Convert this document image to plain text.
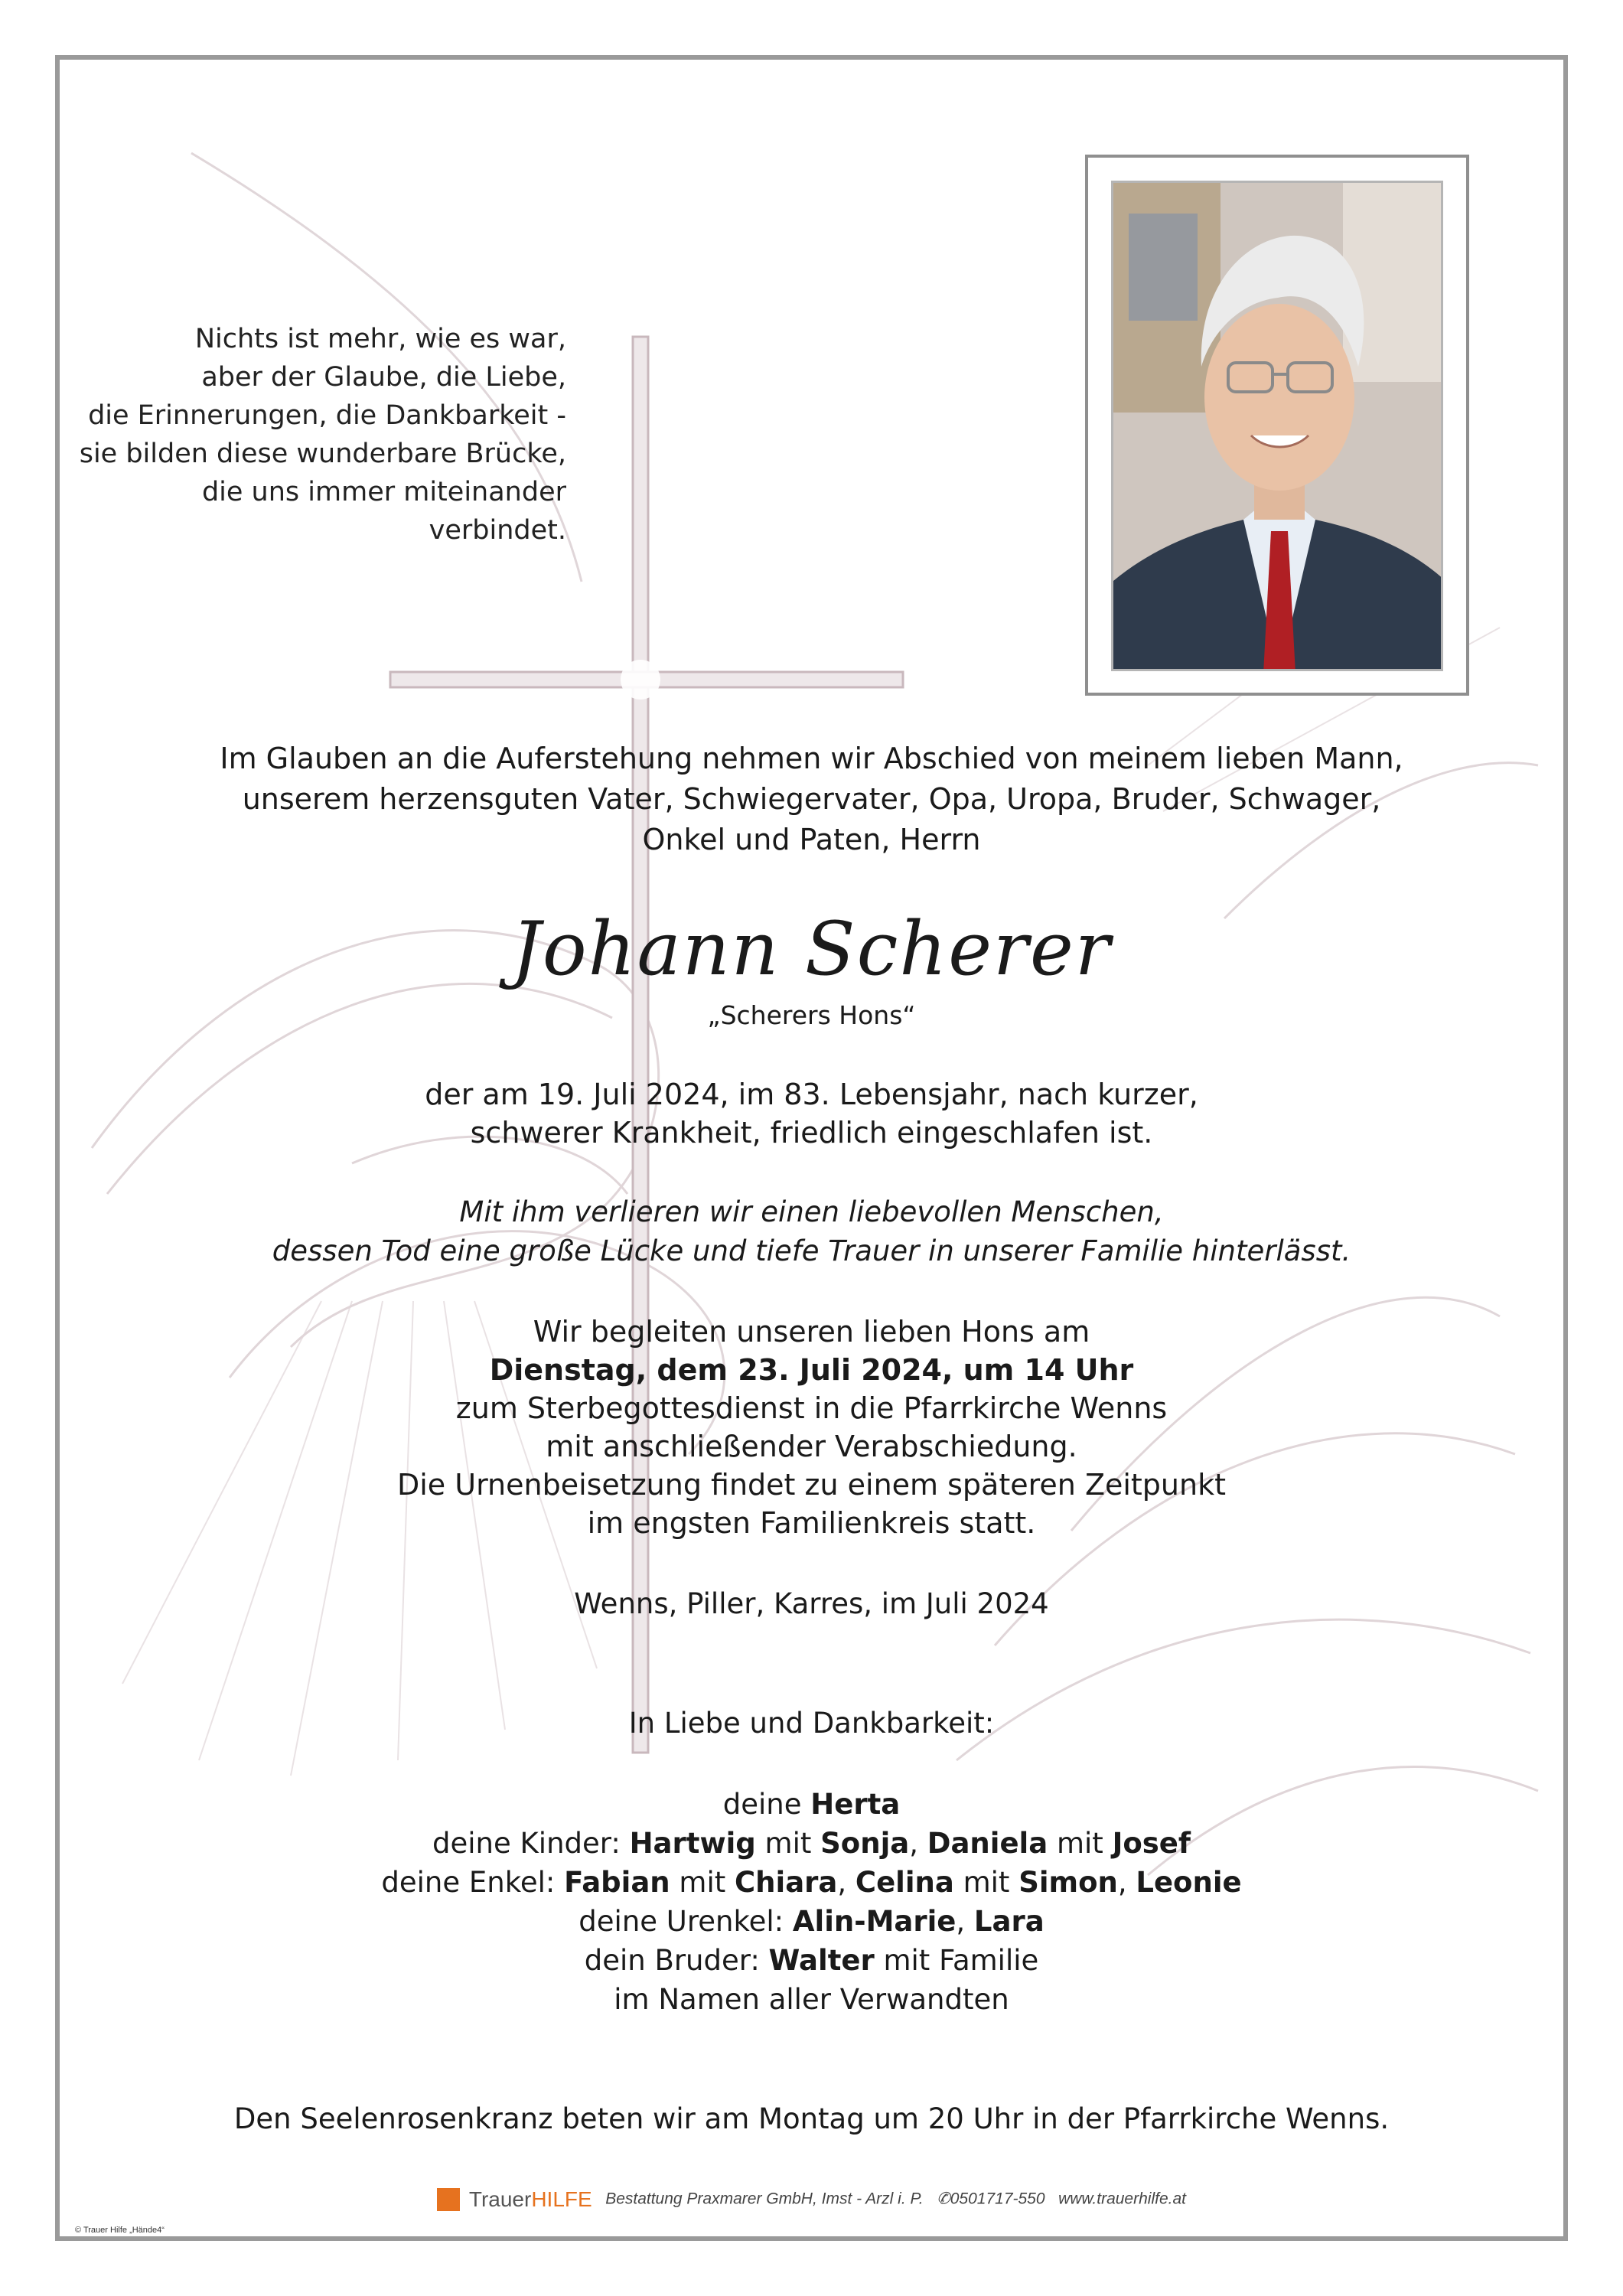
Nichts ist mehr, wie es war,
aber der Glaube, die Liebe,
die Erinnerungen, die Dankbarkeit -
sie bilden diese wunderbare Brücke,
die uns immer miteinander verbindet.
Im Glauben an die Auferstehung nehmen wir Abschied von meinem lieben Mann,
unserem herzensguten Vater, Schwiegervater, Opa, Uropa, Bruder, Schwager,
Onkel und Paten, Herrn
Johann Scherer
„Scherers Hons“
der am 19. Juli 2024, im 83. Lebensjahr, nach kurzer,
schwerer Krankheit, friedlich eingeschlafen ist.
Mit ihm verlieren wir einen liebevollen Menschen,
dessen Tod eine große Lücke und tiefe Trauer in unserer Familie hinterlässt.
Wir begleiten unseren lieben Hons am
Dienstag, dem 23. Juli 2024, um 14 Uhr
zum Sterbegottesdienst in die Pfarrkirche Wenns
mit anschließender Verabschiedung.
Die Urnenbeisetzung findet zu einem späteren Zeitpunkt
im engsten Familienkreis statt.
Wenns, Piller, Karres, im Juli 2024
In Liebe und Dankbarkeit:
deine Herta
deine Kinder: Hartwig mit Sonja, Daniela mit Josef
deine Enkel: Fabian mit Chiara, Celina mit Simon, Leonie
deine Urenkel: Alin-Marie, Lara
dein Bruder: Walter mit Familie
im Namen aller Verwandten
Den Seelenrosenkranz beten wir am Montag um 20 Uhr in der Pfarrkirche Wenns.
TrauerHILFE Bestattung Praxmarer GmbH, Imst - Arzl i. P. ✆0501717-550 www.trauerhilfe.at
© Trauer Hilfe „Hände4“
